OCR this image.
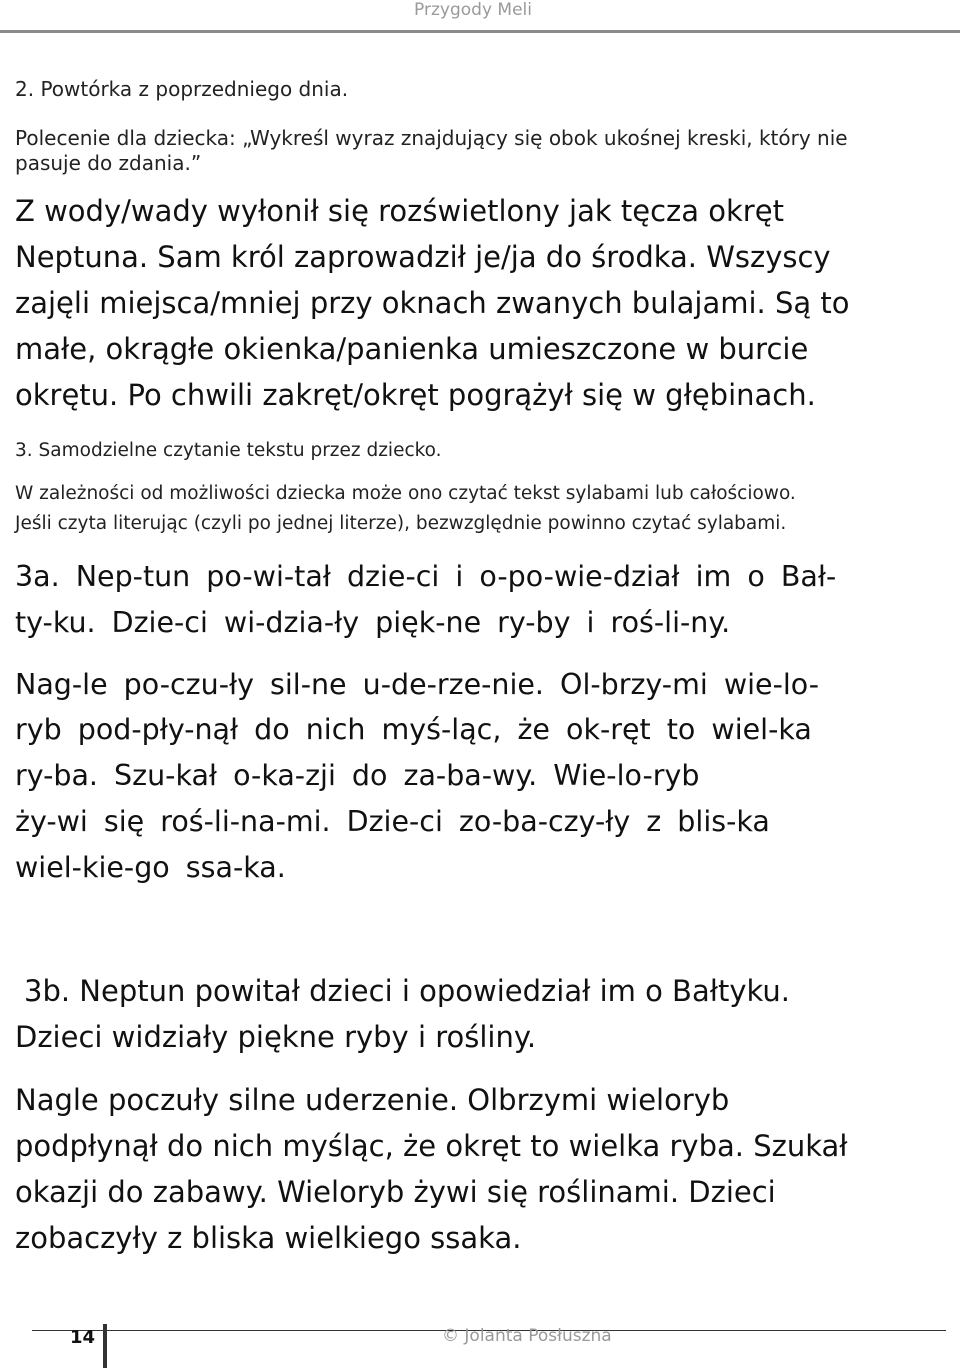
Przygody Meli
2. Powtórka z poprzedniego dnia.
Polecenie dla dziecka: „Wykreśl wyraz znajdujący się obok ukośnej kreski, który nie
pasuje do zdania.”
Z wody/wady wyłonił się rozświetlony jak tęcza okręt
Neptuna. Sam król zaprowadził je/ja do środka. Wszyscy
zajęli miejsca/mniej przy oknach zwanych bulajami. Są to
małe, okrągłe okienka/panienka umieszczone w burcie
okrętu. Po chwili zakręt/okręt pogrążył się w głębinach.
3. Samodzielne czytanie tekstu przez dziecko.
W zależności od możliwości dziecka może ono czytać tekst sylabami lub całościowo.
Jeśli czyta literując (czyli po jednej literze), bezwzględnie powinno czytać sylabami.
3a. Nep-tun po-wi-tał dzie-ci i o-po-wie-dział im o Bał-
ty-ku. Dzie-ci wi-dzia-ły pięk-ne ry-by i roś-li-ny.
Nag-le po-czu-ły sil-ne u-de-rze-nie. Ol-brzy-mi wie-lo-
ryb pod-pły-nął do nich myś-ląc, że ok-ręt to wiel-ka
ry-ba. Szu-kał o-ka-zji do za-ba-wy. Wie-lo-ryb
ży-wi się roś-li-na-mi. Dzie-ci zo-ba-czy-ły z blis-ka
wiel-kie-go ssa-ka.
3b. Neptun powitał dzieci i opowiedział im o Bałtyku.
Dzieci widziały piękne ryby i rośliny.
Nagle poczuły silne uderzenie. Olbrzymi wieloryb
podpłynął do nich myśląc, że okręt to wielka ryba. Szukał
okazji do zabawy. Wieloryb żywi się roślinami. Dzieci
zobaczyły z bliska wielkiego ssaka.
14	© Jolanta Posłuszna
